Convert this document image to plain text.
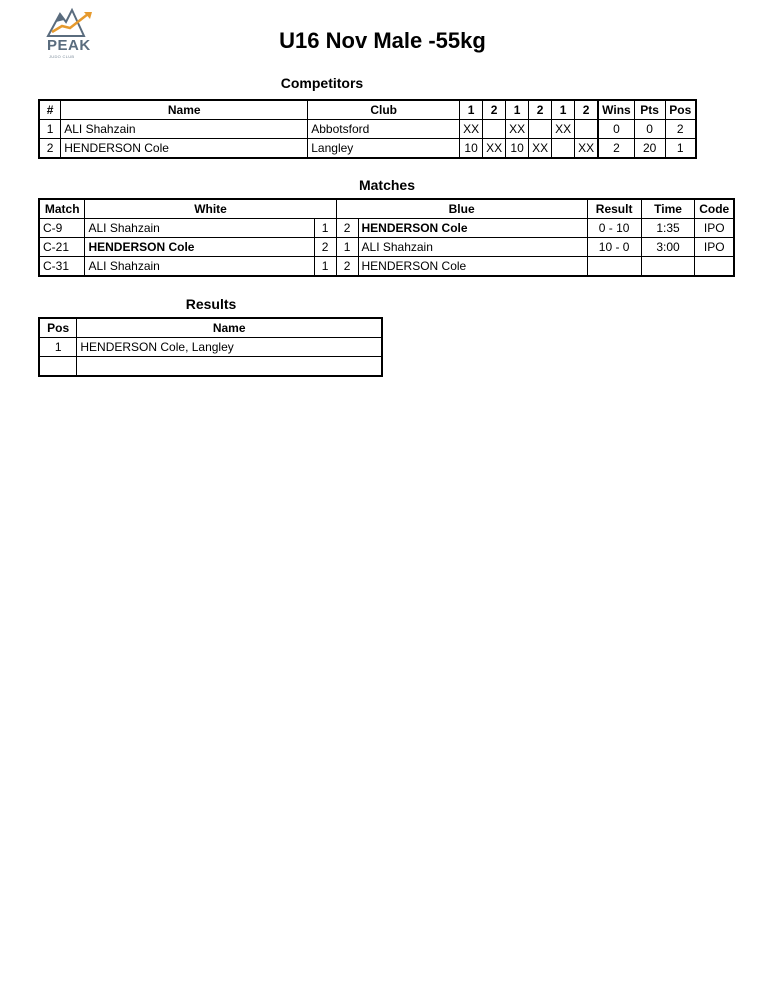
PEAK
JUDO CLUB
U16 Nov Male -55kg
Competitors
#	Name	Club	1	2	1	2	1	2	Wins	Pts	Pos
1	ALI Shahzain	Abbotsford	XX		XX		XX		0	0	2
2	HENDERSON Cole	Langley	10	XX	10	XX		XX	2	20	1
Matches
Match	White		Blue		Result	Time	Code
C-9	ALI Shahzain	1	2	HENDERSON Cole	0 - 10	1:35	IPO
C-21	HENDERSON Cole	2	1	ALI Shahzain	10 - 0	3:00	IPO
C-31	ALI Shahzain	1	2	HENDERSON Cole			
Results
Pos	Name
1	HENDERSON Cole, Langley
